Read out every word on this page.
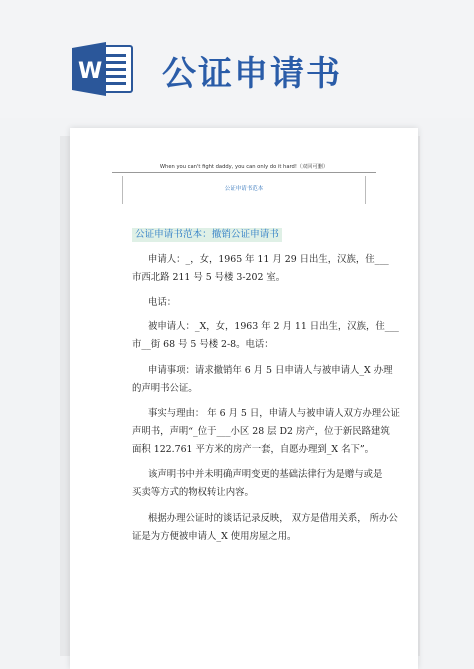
W 公证申请书
When you can't fight daddy, you can only do it hard!（双回可删）
公证申请书范本
公证申请书范本：撤销公证申请书
申请人：_，女，1965 年 11 月 29 日出生，汉族，住___
市西北路 211 号 5 号楼 3-202 室。
电话：
被申请人：_X，女，1963 年 2 月 11 日出生，汉族，住___
市__街 68 号 5 号楼 2-8。电话：
申请事项：请求撤销年 6 月 5 日申请人与被申请人_X 办理
的声明书公证。
事实与理由： 年 6 月 5 日，申请人与被申请人双方办理公证
声明书，声明“_位于___小区 28 层 D2 房产，位于新民路建筑
面积 122.761 平方米的房产一套，自愿办理到_X 名下”。
该声明书中并未明确声明变更的基础法律行为是赠与或是
买卖等方式的物权转让内容。
根据办理公证时的谈话记录反映， 双方是借用关系， 所办公
证是为方便被申请人_X 使用房屋之用。
